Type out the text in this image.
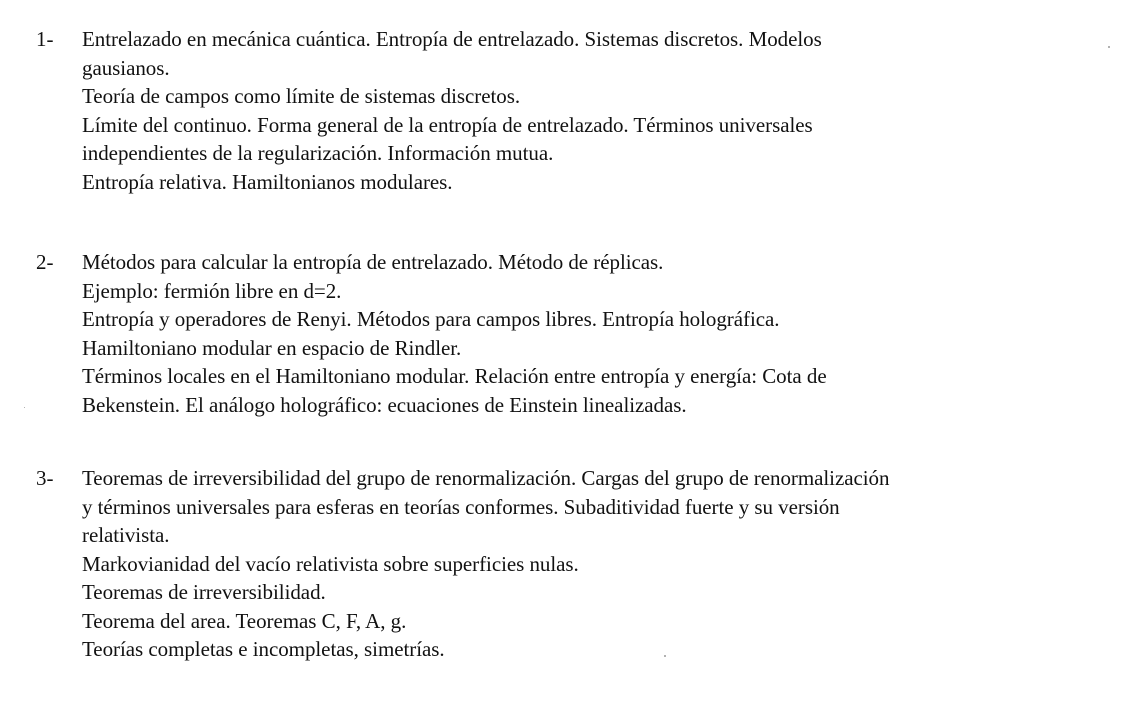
1- Entrelazado en mecánica cuántica. Entropía de entrelazado. Sistemas discretos. Modelos
gausianos.
Teoría de campos como límite de sistemas discretos.
Límite del continuo. Forma general de la entropía de entrelazado. Términos universales
independientes de la regularización. Información mutua.
Entropía relativa. Hamiltonianos modulares.
2- Métodos para calcular la entropía de entrelazado. Método de réplicas.
Ejemplo: fermión libre en d=2.
Entropía y operadores de Renyi. Métodos para campos libres. Entropía holográfica.
Hamiltoniano modular en espacio de Rindler.
Términos locales en el Hamiltoniano modular. Relación entre entropía y energía: Cota de
Bekenstein. El análogo holográfico: ecuaciones de Einstein linealizadas.
3- Teoremas de irreversibilidad del grupo de renormalización. Cargas del grupo de renormalización
y términos universales para esferas en teorías conformes. Subaditividad fuerte y su versión
relativista.
Markovianidad del vacío relativista sobre superficies nulas.
Teoremas de irreversibilidad.
Teorema del area. Teoremas C, F, A, g.
Teorías completas e incompletas, simetrías.
